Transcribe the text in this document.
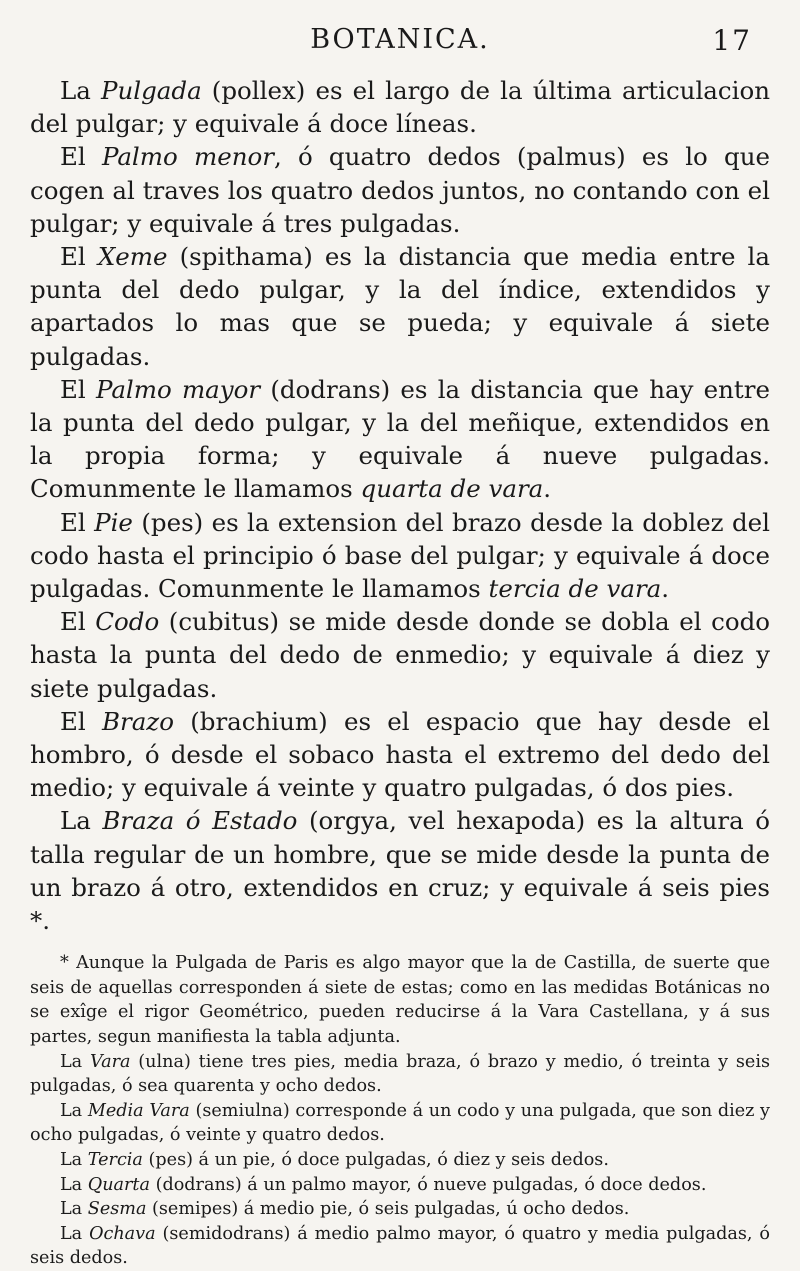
BOTANICA.	17

La Pulgada (pollex) es el largo de la última articulacion del pulgar; y equivale á doce líneas.

El Palmo menor, ó quatro dedos (palmus) es lo que cogen al traves los quatro dedos juntos, no contando con el pulgar; y equivale á tres pulgadas.

El Xeme (spithama) es la distancia que media entre la punta del dedo pulgar, y la del índice, extendidos y apartados lo mas que se pueda; y equivale á siete pulgadas.

El Palmo mayor (dodrans) es la distancia que hay entre la punta del dedo pulgar, y la del meñique, extendidos en la propia forma; y equivale á nueve pulgadas. Comunmente le llamamos quarta de vara.

El Pie (pes) es la extension del brazo desde la doblez del codo hasta el principio ó base del pulgar; y equivale á doce pulgadas. Comunmente le llamamos tercia de vara.

El Codo (cubitus) se mide desde donde se dobla el codo hasta la punta del dedo de enmedio; y equivale á diez y siete pulgadas.

El Brazo (brachium) es el espacio que hay desde el hombro, ó desde el sobaco hasta el extremo del dedo del medio; y equivale á veinte y quatro pulgadas, ó dos pies.

La Braza ó Estado (orgya, vel hexapoda) es la altura ó talla regular de un hombre, que se mide desde la punta de un brazo á otro, extendidos en cruz; y equivale á seis pies *.

* Aunque la Pulgada de Paris es algo mayor que la de Castilla, de suerte que seis de aquellas corresponden á siete de estas; como en las medidas Botánicas no se exîge el rigor Geométrico, pueden reducirse á la Vara Castellana, y á sus partes, segun manifiesta la tabla adjunta.

La Vara (ulna) tiene tres pies, media braza, ó brazo y medio, ó treinta y seis pulgadas, ó sea quarenta y ocho dedos.

La Media Vara (semiulna) corresponde á un codo y una pulgada, que son diez y ocho pulgadas, ó veinte y quatro dedos.

La Tercia (pes) á un pie, ó doce pulgadas, ó diez y seis dedos.

La Quarta (dodrans) á un palmo mayor, ó nueve pulgadas, ó doce dedos.

La Sesma (semipes) á medio pie, ó seis pulgadas, ú ocho dedos.

La Ochava (semidodrans) á medio palmo mayor, ó quatro y media pulgadas, ó seis dedos.
